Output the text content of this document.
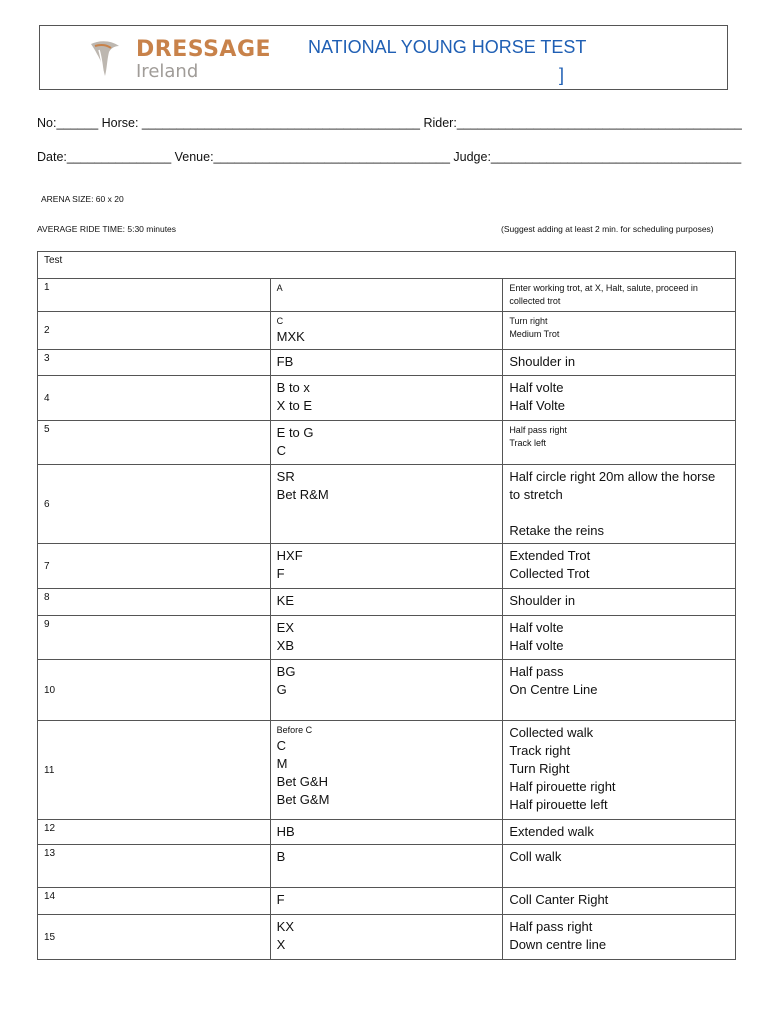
DRESSAGE
Ireland
NATIONAL YOUNG HORSE TEST
]
No:______ Horse: ________________________________________ Rider:_________________________________________
Date:_______________ Venue:__________________________________ Judge:____________________________________
ARENA SIZE: 60 x 20
AVERAGE RIDE TIME: 5:30 minutes	(Suggest adding at least 2 min. for scheduling purposes)
Test		
1	A	Enter working trot, at X, Halt, salute, proceed in collected trot

2	C
MXK	Turn right
Medium Trot

3	FB	Shoulder in

4	B to x
X to E	Half volte
Half Volte

5	E to G
C	Half pass right
Track left

6	SR
Bet R&M	Half circle right 20m allow the horse to stretch
Retake the reins

7	HXF
F	Extended Trot
Collected Trot

8	KE	Shoulder in

9	EX
XB	Half volte
Half volte

10	BG
G	Half pass
On Centre Line

11	Before C
C
M
Bet G&H
Bet G&M	Collected walk
Track right
Turn Right
Half pirouette right
Half pirouette left

12	HB	Extended walk

13	B	Coll walk

14	F	Coll Canter Right

15	KX
X	Half pass right
Down centre line
